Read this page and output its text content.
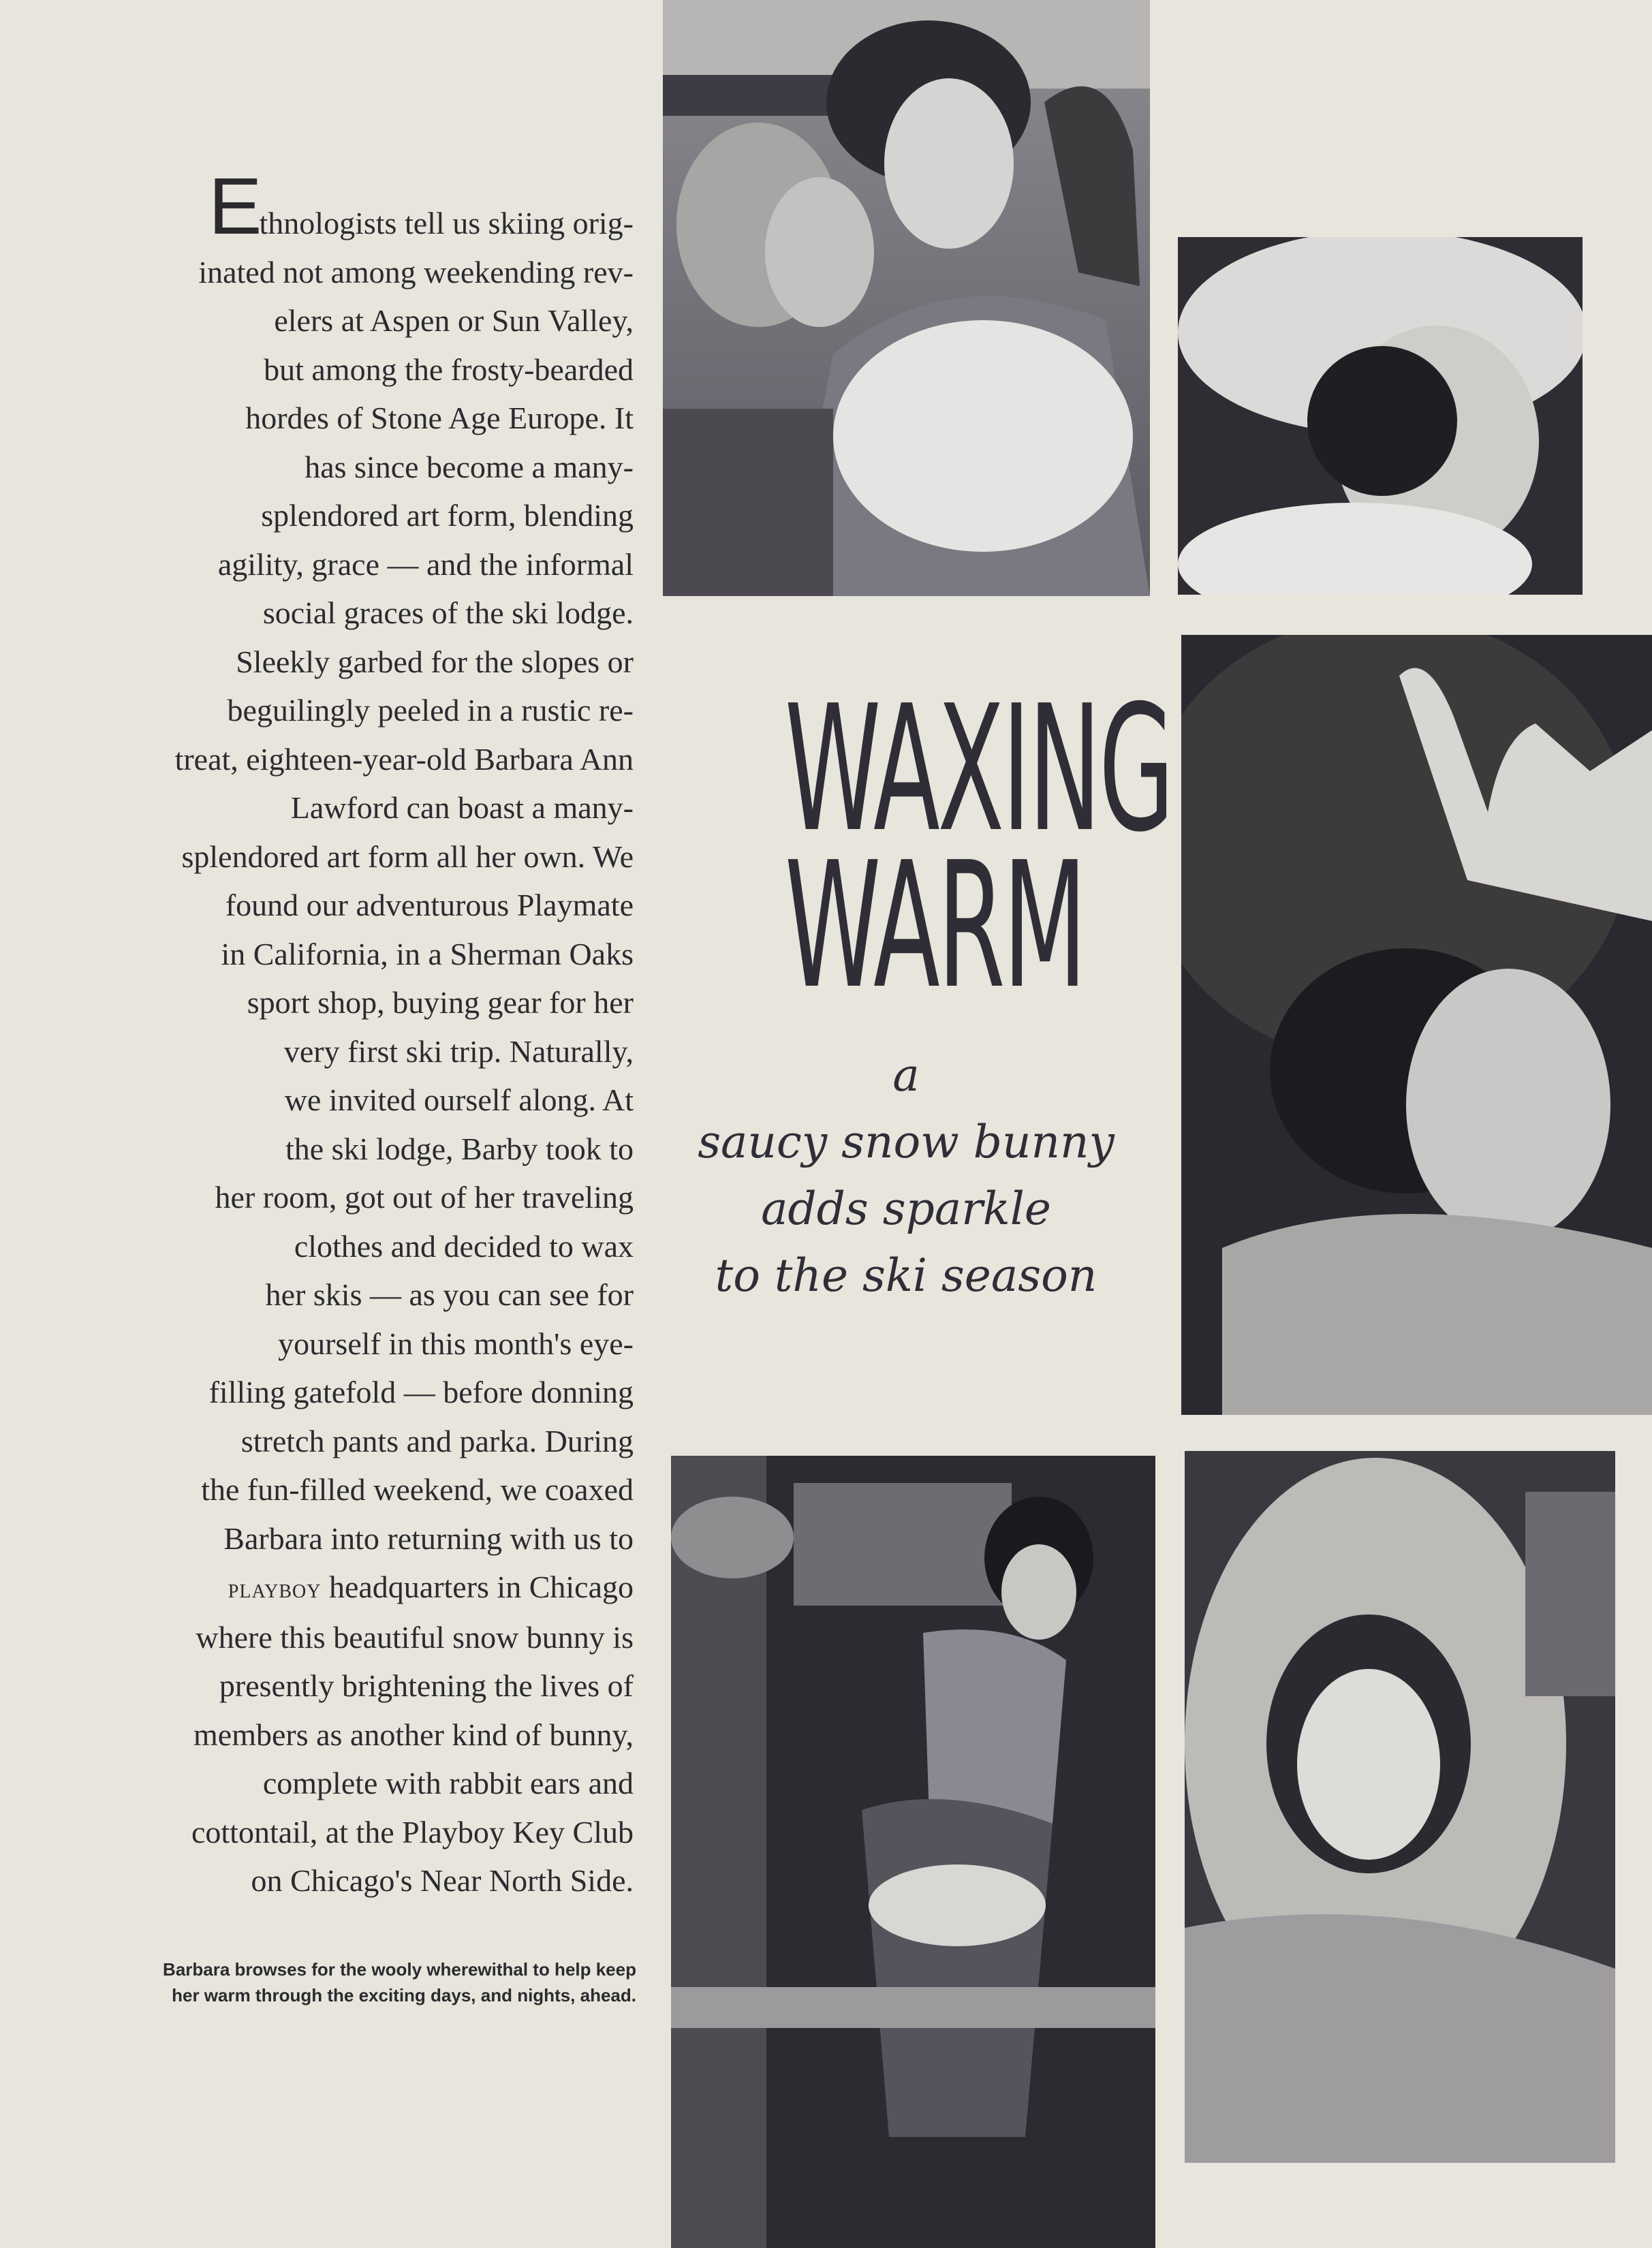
Ethnologists tell us skiing orig-
inated not among weekending rev-
elers at Aspen or Sun Valley,
but among the frosty-bearded
hordes of Stone Age Europe. It
has since become a many-
splendored art form, blending
agility, grace — and the informal
social graces of the ski lodge.
Sleekly garbed for the slopes or
beguilingly peeled in a rustic re-
treat, eighteen-year-old Barbara Ann
Lawford can boast a many-
splendored art form all her own. We
found our adventurous Playmate
in California, in a Sherman Oaks
sport shop, buying gear for her
very first ski trip. Naturally,
we invited ourself along. At
the ski lodge, Barby took to
her room, got out of her traveling
clothes and decided to wax
her skis — as you can see for
yourself in this month's eye-
filling gatefold — before donning
stretch pants and parka. During
the fun-filled weekend, we coaxed
Barbara into returning with us to
playboy headquarters in Chicago
where this beautiful snow bunny is
presently brightening the lives of
members as another kind of bunny,
complete with rabbit ears and
cottontail, at the Playboy Key Club
on Chicago's Near North Side.
Barbara browses for the wooly wherewithal to help keep
her warm through the exciting days, and nights, ahead.
WAXING
WARM
a
saucy snow bunny
adds sparkle
to the ski season
